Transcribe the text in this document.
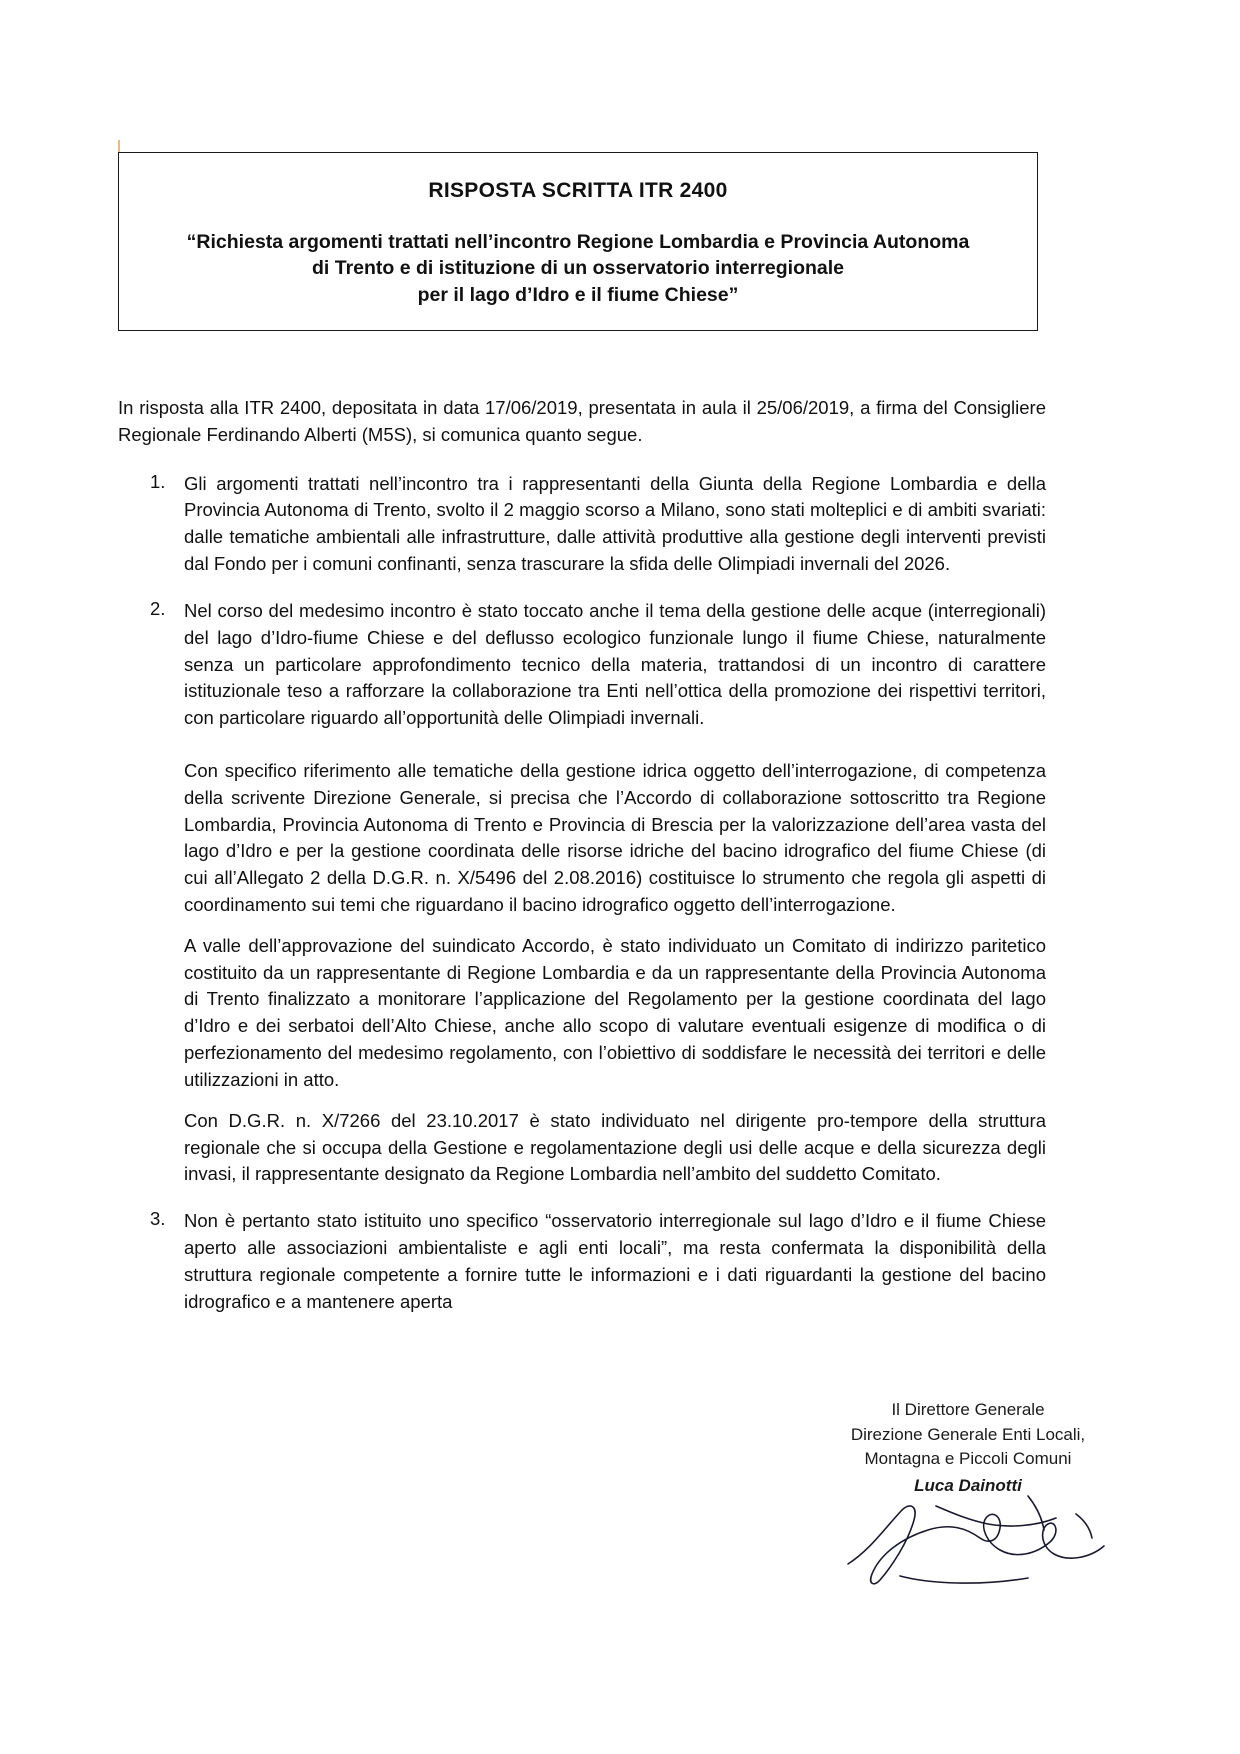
RISPOSTA SCRITTA ITR 2400
“Richiesta argomenti trattati nell’incontro Regione Lombardia e Provincia Autonoma
di Trento e di istituzione di un osservatorio interregionale
per il lago d’Idro e il fiume Chiese”

In risposta alla ITR 2400, depositata in data 17/06/2019, presentata in aula il 25/06/2019, a firma del Consigliere Regionale Ferdinando Alberti (M5S), si comunica quanto segue.

1. Gli argomenti trattati nell’incontro tra i rappresentanti della Giunta della Regione Lombardia e della Provincia Autonoma di Trento, svolto il 2 maggio scorso a Milano, sono stati molteplici e di ambiti svariati: dalle tematiche ambientali alle infrastrutture, dalle attività produttive alla gestione degli interventi previsti dal Fondo per i comuni confinanti, senza trascurare la sfida delle Olimpiadi invernali del 2026.

2. Nel corso del medesimo incontro è stato toccato anche il tema della gestione delle acque (interregionali) del lago d’Idro-fiume Chiese e del deflusso ecologico funzionale lungo il fiume Chiese, naturalmente senza un particolare approfondimento tecnico della materia, trattandosi di un incontro di carattere istituzionale teso a rafforzare la collaborazione tra Enti nell’ottica della promozione dei rispettivi territori, con particolare riguardo all’opportunità delle Olimpiadi invernali.

Con specifico riferimento alle tematiche della gestione idrica oggetto dell’interrogazione, di competenza della scrivente Direzione Generale, si precisa che l’Accordo di collaborazione sottoscritto tra Regione Lombardia, Provincia Autonoma di Trento e Provincia di Brescia per la valorizzazione dell’area vasta del lago d’Idro e per la gestione coordinata delle risorse idriche del bacino idrografico del fiume Chiese (di cui all’Allegato 2 della D.G.R. n. X/5496 del 2.08.2016) costituisce lo strumento che regola gli aspetti di coordinamento sui temi che riguardano il bacino idrografico oggetto dell’interrogazione.

A valle dell’approvazione del suindicato Accordo, è stato individuato un Comitato di indirizzo paritetico costituito da un rappresentante di Regione Lombardia e da un rappresentante della Provincia Autonoma di Trento finalizzato a monitorare l’applicazione del Regolamento per la gestione coordinata del lago d’Idro e dei serbatoi dell’Alto Chiese, anche allo scopo di valutare eventuali esigenze di modifica o di perfezionamento del medesimo regolamento, con l’obiettivo di soddisfare le necessità dei territori e delle utilizzazioni in atto.

Con D.G.R. n. X/7266 del 23.10.2017 è stato individuato nel dirigente pro-tempore della struttura regionale che si occupa della Gestione e regolamentazione degli usi delle acque e della sicurezza degli invasi, il rappresentante designato da Regione Lombardia nell’ambito del suddetto Comitato.

3. Non è pertanto stato istituito uno specifico “osservatorio interregionale sul lago d’Idro e il fiume Chiese aperto alle associazioni ambientaliste e agli enti locali”, ma resta confermata la disponibilità della struttura regionale competente a fornire tutte le informazioni e i dati riguardanti la gestione del bacino idrografico e a mantenere aperta

Il Direttore Generale
Direzione Generale Enti Locali,
Montagna e Piccoli Comuni
Luca Dainotti
